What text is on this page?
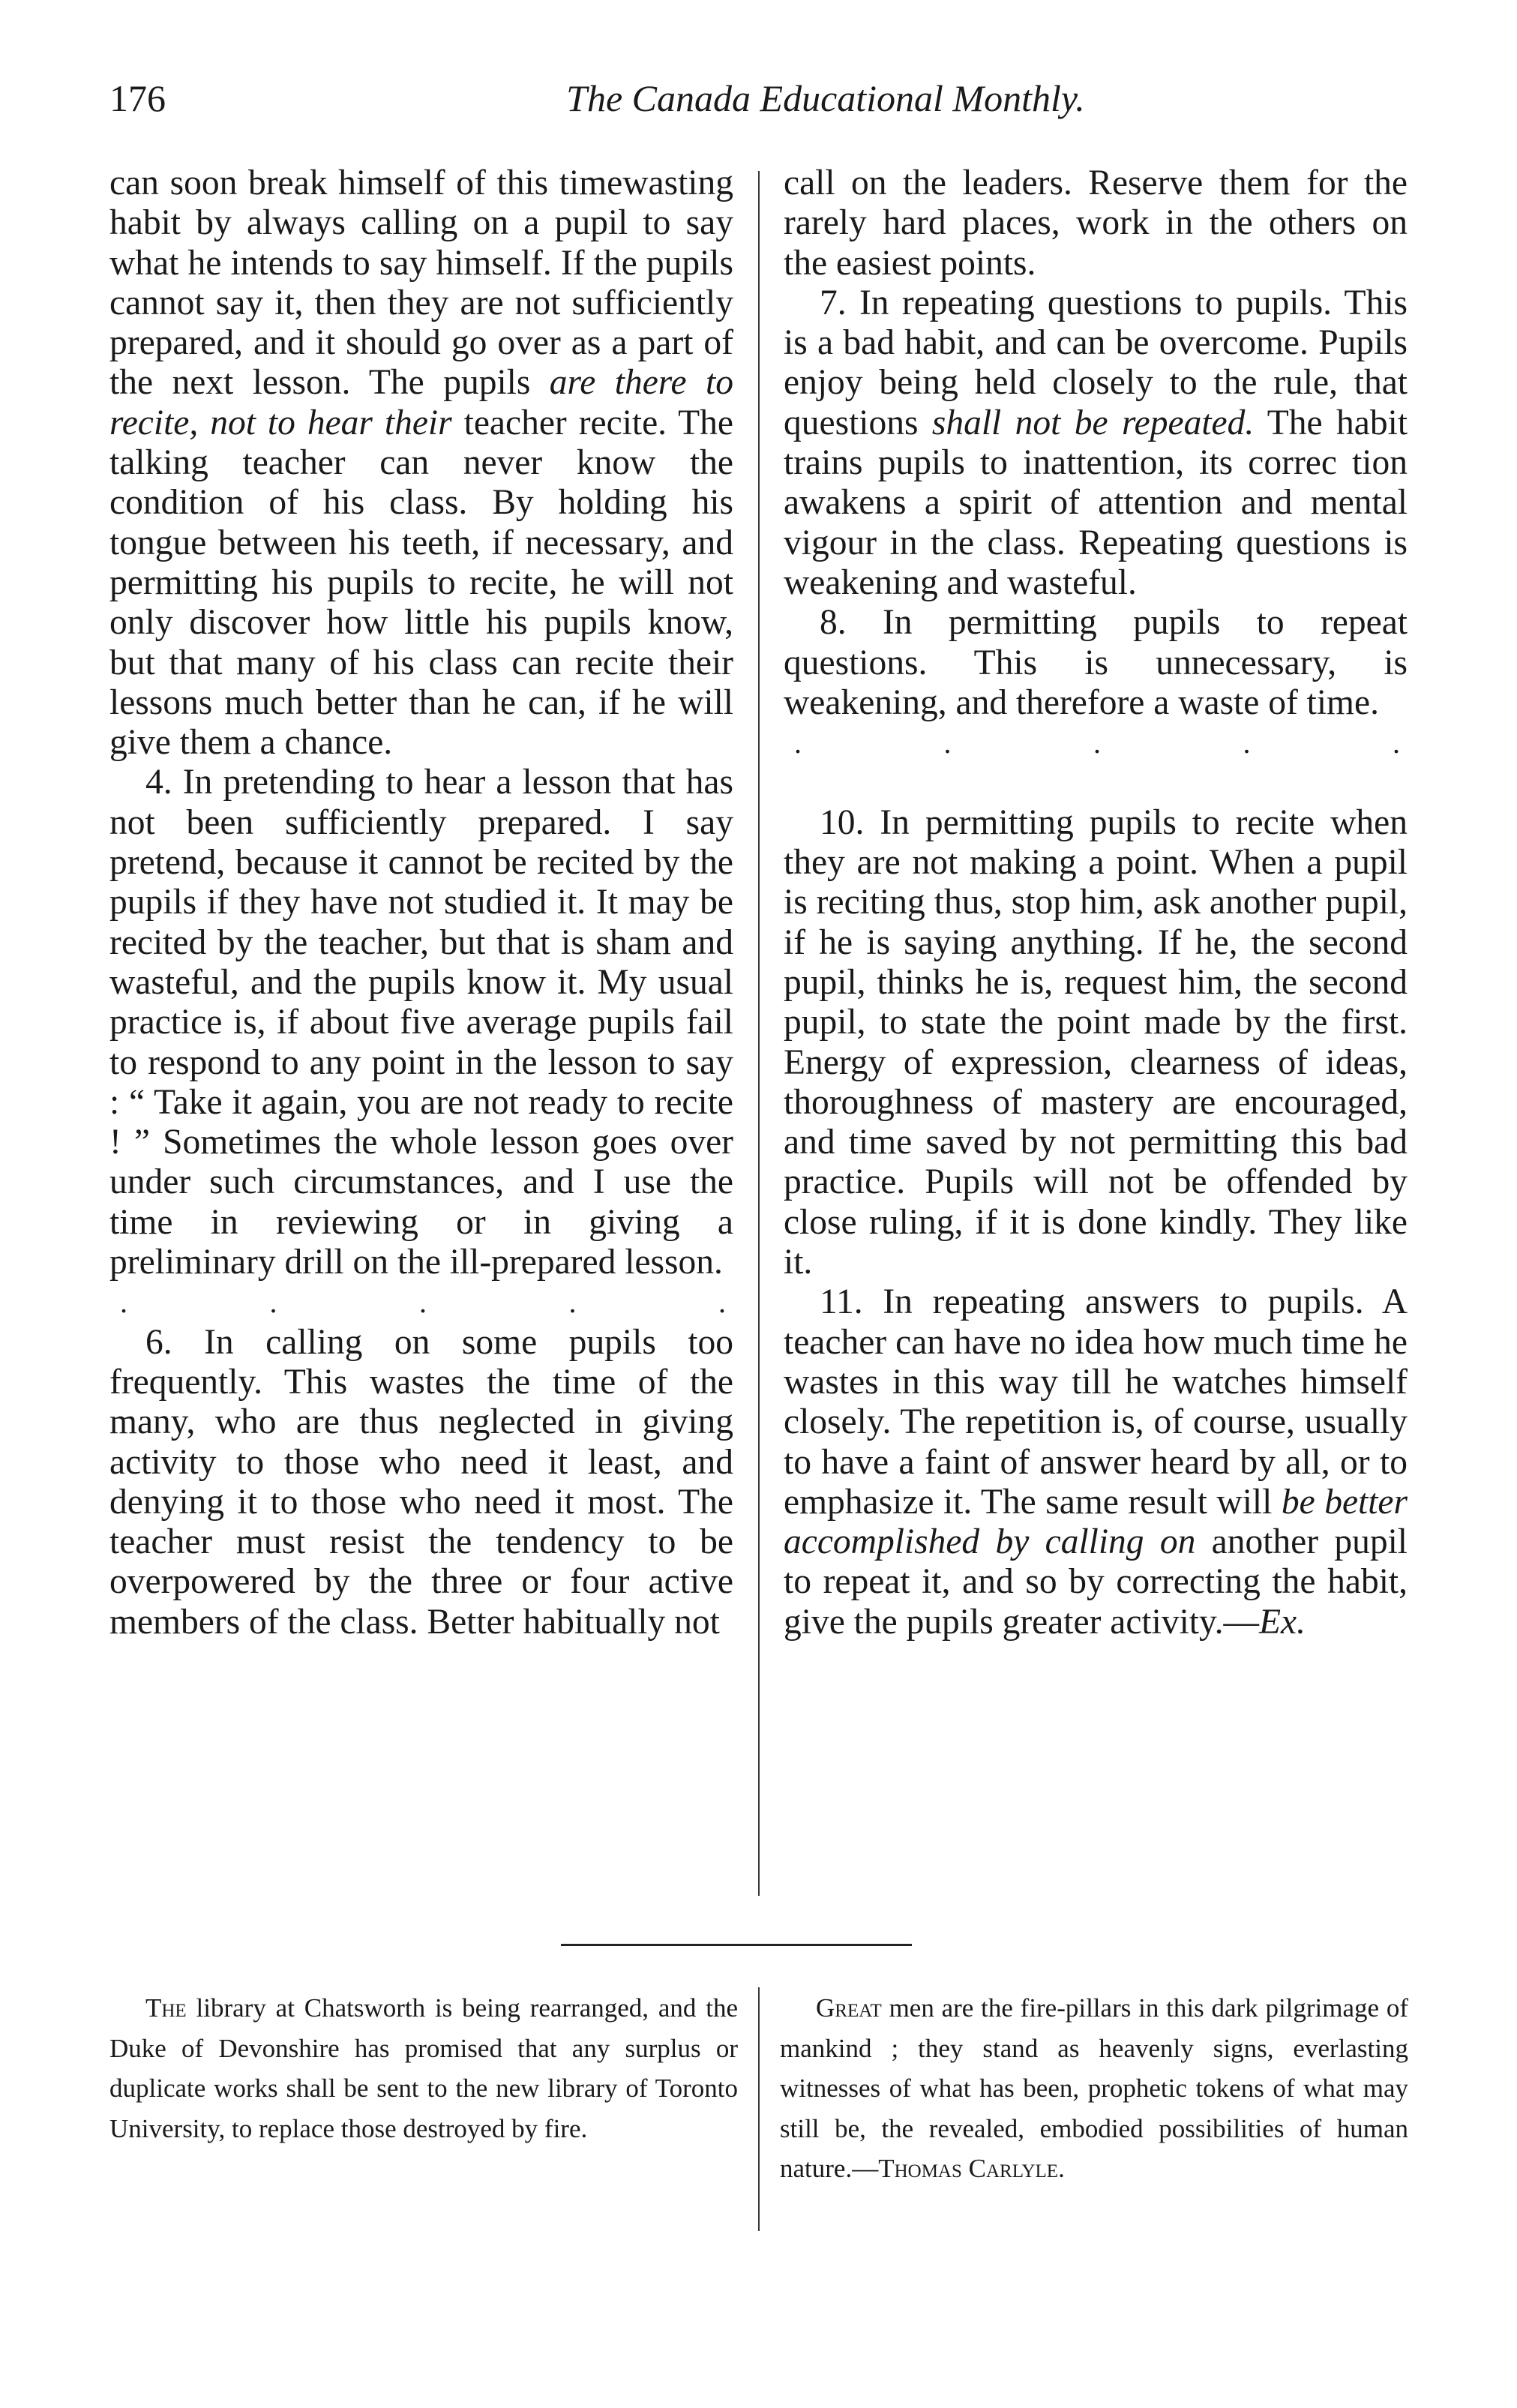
176	The Canada Educational Monthly.

can soon break himself of this timewasting habit by always calling on a pupil to say what he intends to say himself. If the pupils cannot say it, then they are not sufficiently prepared, and it should go over as a part of the next lesson. The pupils are there to recite, not to hear their teacher recite. The talking teacher can never know the condition of his class. By holding his tongue between his teeth, if necessary, and permitting his pupils to recite, he will not only discover how little his pupils know, but that many of his class can recite their lessons much better than he can, if he will give them a chance.

4. In pretending to hear a lesson that has not been sufficiently prepared. I say pretend, because it cannot be recited by the pupils if they have not studied it. It may be recited by the teacher, but that is sham and wasteful, and the pupils know it. My usual practice is, if about five average pupils fail to respond to any point in the lesson to say : “ Take it again, you are not ready to recite ! ” Sometimes the whole lesson goes over under such circumstances, and I use the time in reviewing or in giving a preliminary drill on the ill-prepared lesson.

.	.	.	.	.

6. In calling on some pupils too frequently. This wastes the time of the many, who are thus neglected in giving activity to those who need it least, and denying it to those who need it most. The teacher must resist the tendency to be overpowered by the three or four active members of the class. Better habitually not

call on the leaders. Reserve them for the rarely hard places, work in the others on the easiest points.

7. In repeating questions to pupils. This is a bad habit, and can be overcome. Pupils enjoy being held closely to the rule, that questions shall not be repeated. The habit trains pupils to inattention, its correc tion awakens a spirit of attention and mental vigour in the class. Repeating questions is weakening and wasteful.

8. In permitting pupils to repeat questions. This is unnecessary, is weakening, and therefore a waste of time.

.	.	.	.	.

10. In permitting pupils to recite when they are not making a point. When a pupil is reciting thus, stop him, ask another pupil, if he is saying anything. If he, the second pupil, thinks he is, request him, the second pupil, to state the point made by the first. Energy of expression, clearness of ideas, thoroughness of mastery are encouraged, and time saved by not permitting this bad practice. Pupils will not be offended by close ruling, if it is done kindly. They like it.

11. In repeating answers to pupils. A teacher can have no idea how much time he wastes in this way till he watches himself closely. The repetition is, of course, usually to have a faint of answer heard by all, or to emphasize it. The same result will be better accomplished by calling on another pupil to repeat it, and so by correcting the habit, give the pupils greater activity.—Ex.

The library at Chatsworth is being rearranged, and the Duke of Devonshire has promised that any surplus or duplicate works shall be sent to the new library of Toronto University, to replace those destroyed by fire.

Great men are the fire-pillars in this dark pilgrimage of mankind ; they stand as heavenly signs, everlasting witnesses of what has been, prophetic tokens of what may still be, the revealed, embodied possibilities of human nature.—Thomas Carlyle.
